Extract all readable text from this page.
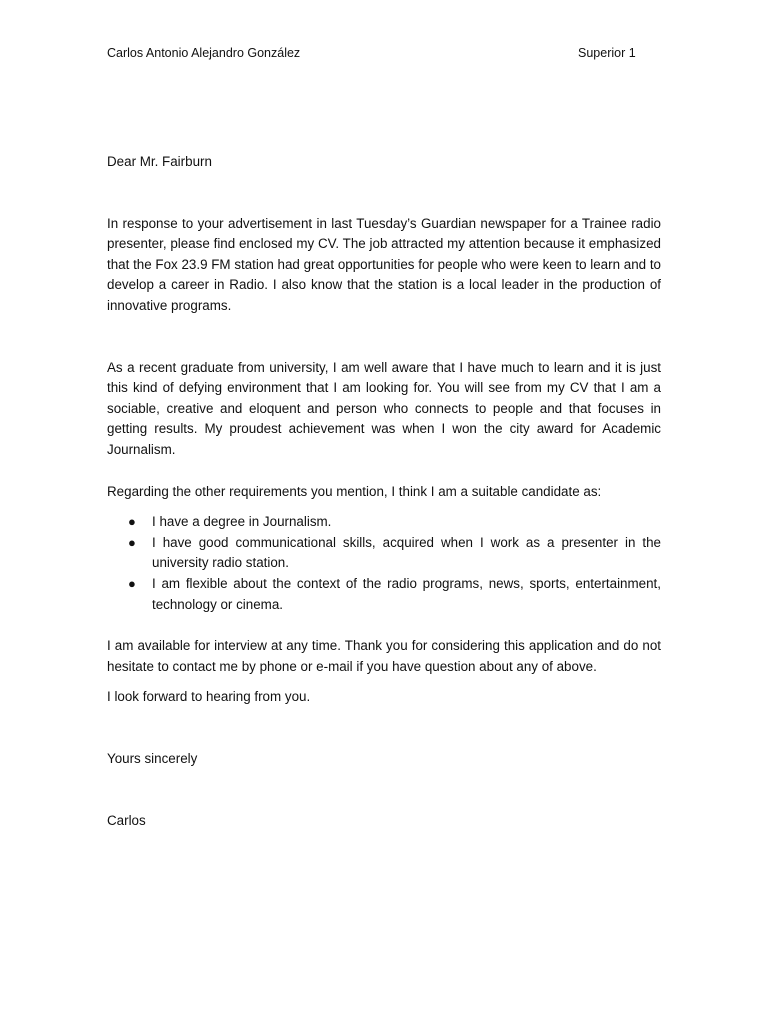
Carlos Antonio Alejandro González	Superior 1

Dear Mr. Fairburn

In response to your advertisement in last Tuesday’s Guardian newspaper for a Trainee radio presenter, please find enclosed my CV. The job attracted my attention because it emphasized that the Fox 23.9 FM station had great opportunities for people who were keen to learn and to develop a career in Radio. I also know that the station is a local leader in the production of innovative programs.

As a recent graduate from university, I am well aware that I have much to learn and it is just this kind of defying environment that I am looking for. You will see from my CV that I am a sociable, creative and eloquent and person who connects to people and that focuses in getting results. My proudest achievement was when I won the city award for Academic Journalism.

Regarding the other requirements you mention, I think I am a suitable candidate as:

● I have a degree in Journalism.
● I have good communicational skills, acquired when I work as a presenter in the university radio station.
● I am flexible about the context of the radio programs, news, sports, entertainment, technology or cinema.

I am available for interview at any time. Thank you for considering this application and do not hesitate to contact me by phone or e-mail if you have question about any of above.

I look forward to hearing from you.

Yours sincerely

Carlos
